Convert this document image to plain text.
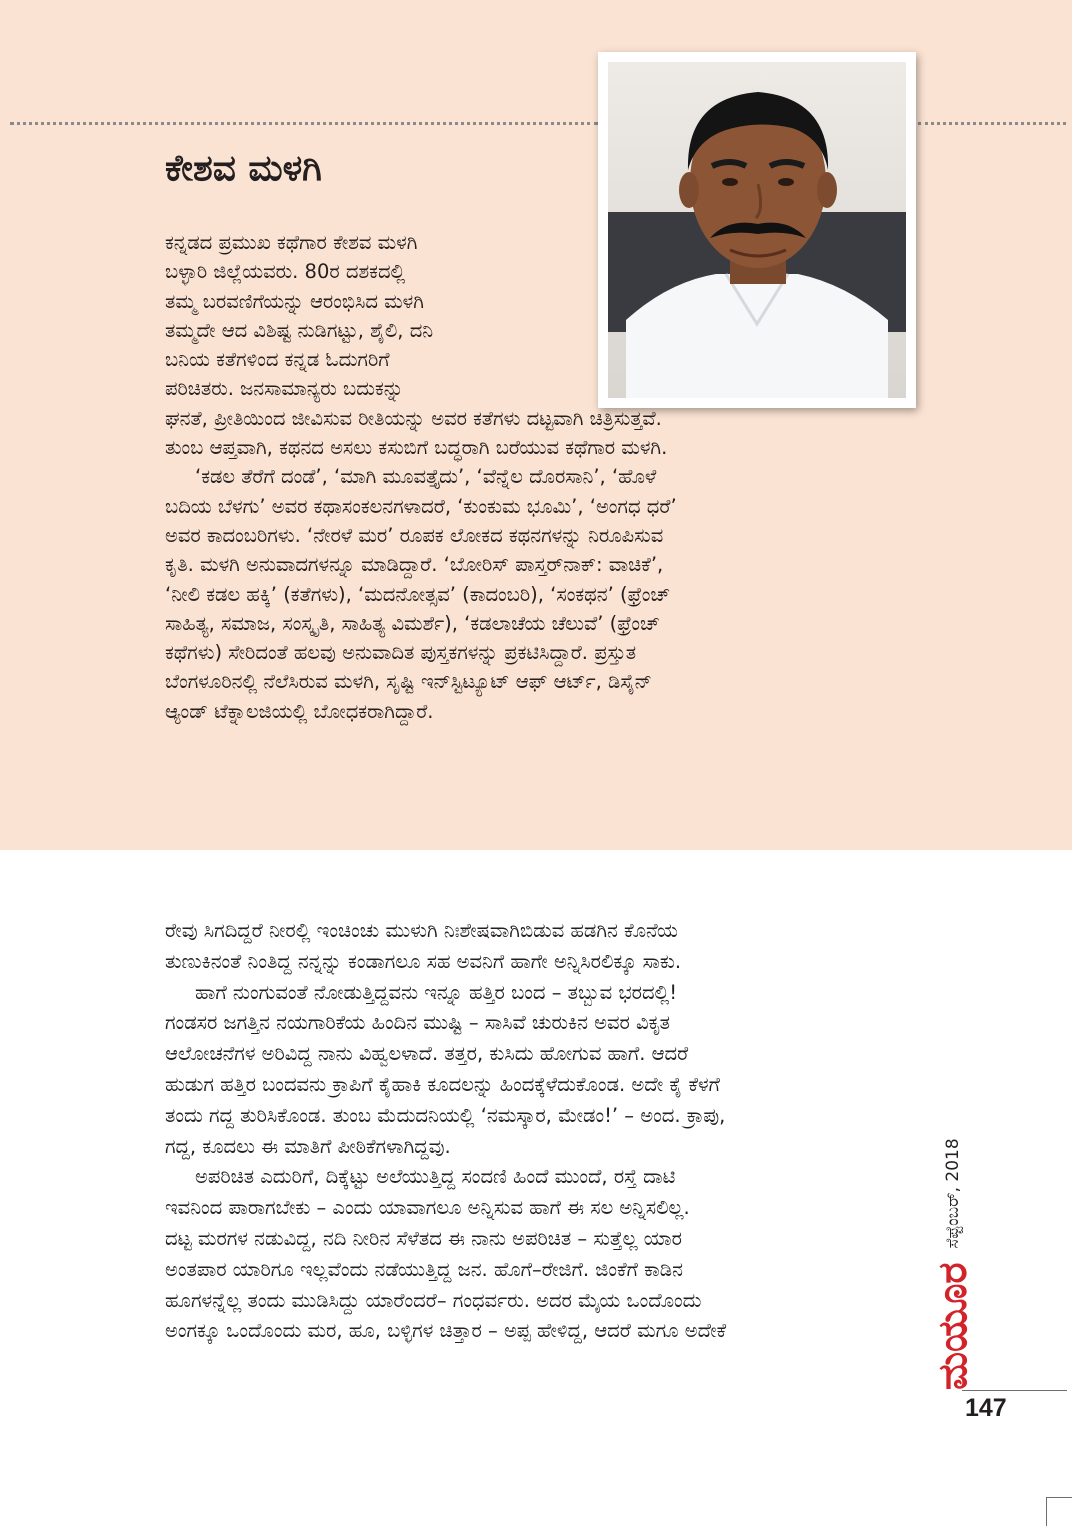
ಕೇಶವ ಮಳಗಿ
ಕನ್ನಡದ ಪ್ರಮುಖ ಕಥೆಗಾರ ಕೇಶವ ಮಳಗಿ
ಬಳ್ಳಾರಿ ಜಿಲ್ಲೆಯವರು. 80ರ ದಶಕದಲ್ಲಿ
ತಮ್ಮ ಬರವಣಿಗೆಯನ್ನು ಆರಂಭಿಸಿದ ಮಳಗಿ
ತಮ್ಮದೇ ಆದ ವಿಶಿಷ್ಟ ನುಡಿಗಟ್ಟು, ಶೈಲಿ, ದನಿ
ಬನಿಯ ಕತೆಗಳಿಂದ ಕನ್ನಡ ಓದುಗರಿಗೆ
ಪರಿಚಿತರು. ಜನಸಾಮಾನ್ಯರು ಬದುಕನ್ನು
ಘನತೆ, ಪ್ರೀತಿಯಿಂದ ಜೀವಿಸುವ ರೀತಿಯನ್ನು ಅವರ ಕತೆಗಳು ದಟ್ಟವಾಗಿ ಚಿತ್ರಿಸುತ್ತವೆ.
ತುಂಬ ಆಪ್ತವಾಗಿ, ಕಥನದ ಅಸಲು ಕಸುಬಿಗೆ ಬದ್ಧರಾಗಿ ಬರೆಯುವ ಕಥೆಗಾರ ಮಳಗಿ.
‘ಕಡಲ ತೆರೆಗೆ ದಂಡೆ’, ‘ಮಾಗಿ ಮೂವತ್ತೈದು’, ‘ವೆನ್ನೆಲ ದೊರಸಾನಿ’, ‘ಹೊಳೆ
ಬದಿಯ ಬೆಳಗು’ ಅವರ ಕಥಾಸಂಕಲನಗಳಾದರೆ, ‘ಕುಂಕುಮ ಭೂಮಿ’, ‘ಅಂಗಧ ಧರೆ’
ಅವರ ಕಾದಂಬರಿಗಳು. ‘ನೇರಳೆ ಮರ’ ರೂಪಕ ಲೋಕದ ಕಥನಗಳನ್ನು ನಿರೂಪಿಸುವ
ಕೃತಿ. ಮಳಗಿ ಅನುವಾದಗಳನ್ನೂ ಮಾಡಿದ್ದಾರೆ. ‘ಬೋರಿಸ್ ಪಾಸ್ತರ್‌ನಾಕ್: ವಾಚಿಕೆ’,
‘ನೀಲಿ ಕಡಲ ಹಕ್ಕಿ’ (ಕತೆಗಳು), ‘ಮದನೋತ್ಸವ’ (ಕಾದಂಬರಿ), ‘ಸಂಕಥನ’ (ಫ್ರೆಂಚ್
ಸಾಹಿತ್ಯ, ಸಮಾಜ, ಸಂಸ್ಕೃತಿ, ಸಾಹಿತ್ಯ ವಿಮರ್ಶೆ), ‘ಕಡಲಾಚೆಯ ಚೆಲುವೆ’ (ಫ್ರೆಂಚ್
ಕಥೆಗಳು) ಸೇರಿದಂತೆ ಹಲವು ಅನುವಾದಿತ ಪುಸ್ತಕಗಳನ್ನು ಪ್ರಕಟಿಸಿದ್ದಾರೆ. ಪ್ರಸ್ತುತ
ಬೆಂಗಳೂರಿನಲ್ಲಿ ನೆಲೆಸಿರುವ ಮಳಗಿ, ಸೃಷ್ಟಿ ಇನ್‌ಸ್ಟಿಟ್ಯೂಟ್ ಆಫ್ ಆರ್ಟ್, ಡಿಸೈನ್
ಆ್ಯಂಡ್ ಟೆಕ್ನಾಲಜಿಯಲ್ಲಿ ಬೋಧಕರಾಗಿದ್ದಾರೆ.
ರೇವು ಸಿಗದಿದ್ದರೆ ನೀರಲ್ಲಿ ಇಂಚಿಂಚು ಮುಳುಗಿ ನಿಃಶೇಷವಾಗಿಬಿಡುವ ಹಡಗಿನ ಕೊನೆಯ
ತುಣುಕಿನಂತೆ ನಿಂತಿದ್ದ ನನ್ನನ್ನು ಕಂಡಾಗಲೂ ಸಹ ಅವನಿಗೆ ಹಾಗೇ ಅನ್ನಿಸಿರಲಿಕ್ಕೂ ಸಾಕು.
ಹಾಗೆ ನುಂಗುವಂತೆ ನೋಡುತ್ತಿದ್ದವನು ಇನ್ನೂ ಹತ್ತಿರ ಬಂದ – ತಬ್ಬುವ ಭರದಲ್ಲಿ!
ಗಂಡಸರ ಜಗತ್ತಿನ ನಯಗಾರಿಕೆಯ ಹಿಂದಿನ ಮುಷ್ಟಿ – ಸಾಸಿವೆ ಚುರುಕಿನ ಅವರ ವಿಕೃತ
ಆಲೋಚನೆಗಳ ಅರಿವಿದ್ದ ನಾನು ವಿಹ್ವಲಳಾದೆ. ತತ್ತರ, ಕುಸಿದು ಹೋಗುವ ಹಾಗೆ. ಆದರೆ
ಹುಡುಗ ಹತ್ತಿರ ಬಂದವನು ಕ್ರಾಪಿಗೆ ಕೈಹಾಕಿ ಕೂದಲನ್ನು ಹಿಂದಕ್ಕೆಳೆದುಕೊಂಡ. ಅದೇ ಕೈ ಕೆಳಗೆ
ತಂದು ಗದ್ದ ತುರಿಸಿಕೊಂಡ. ತುಂಬ ಮೆದುದನಿಯಲ್ಲಿ ‘ನಮಸ್ಕಾರ, ಮೇಡಂ!’ – ಅಂದ. ಕ್ರಾಪು,
ಗದ್ದ, ಕೂದಲು ಈ ಮಾತಿಗೆ ಪೀಠಿಕೆಗಳಾಗಿದ್ದವು.
ಅಪರಿಚಿತ ಎದುರಿಗೆ, ದಿಕ್ಕೆಟ್ಟು ಅಲೆಯುತ್ತಿದ್ದ ಸಂದಣಿ ಹಿಂದೆ ಮುಂದೆ, ರಸ್ತೆ ದಾಟಿ
ಇವನಿಂದ ಪಾರಾಗಬೇಕು – ಎಂದು ಯಾವಾಗಲೂ ಅನ್ನಿಸುವ ಹಾಗೆ ಈ ಸಲ ಅನ್ನಿಸಲಿಲ್ಲ.
ದಟ್ಟ ಮರಗಳ ನಡುವಿದ್ದ, ನದಿ ನೀರಿನ ಸೆಳೆತದ ಈ ನಾನು ಅಪರಿಚಿತ – ಸುತ್ತೆಲ್ಲ ಯಾರ
ಅಂತಪಾರ ಯಾರಿಗೂ ಇಲ್ಲವೆಂದು ನಡೆಯುತ್ತಿದ್ದ ಜನ. ಹೊಗೆ–ರೇಜಿಗೆ. ಜಿಂಕೆಗೆ ಕಾಡಿನ
ಹೂಗಳನ್ನೆಲ್ಲ ತಂದು ಮುಡಿಸಿದ್ದು ಯಾರೆಂದರೆ– ಗಂಧರ್ವರು. ಅದರ ಮೈಯ ಒಂದೊಂದು
ಅಂಗಕ್ಕೂ ಒಂದೊಂದು ಮರ, ಹೂ, ಬಳ್ಳಿಗಳ ಚಿತ್ತಾರ – ಅಪ್ಪ ಹೇಳಿದ್ದ, ಆದರೆ ಮಗೂ ಅದೇಕೆ	ಮಯೂರ
ಸೆಪ್ಟೆಂಬರ್, 2018
147
